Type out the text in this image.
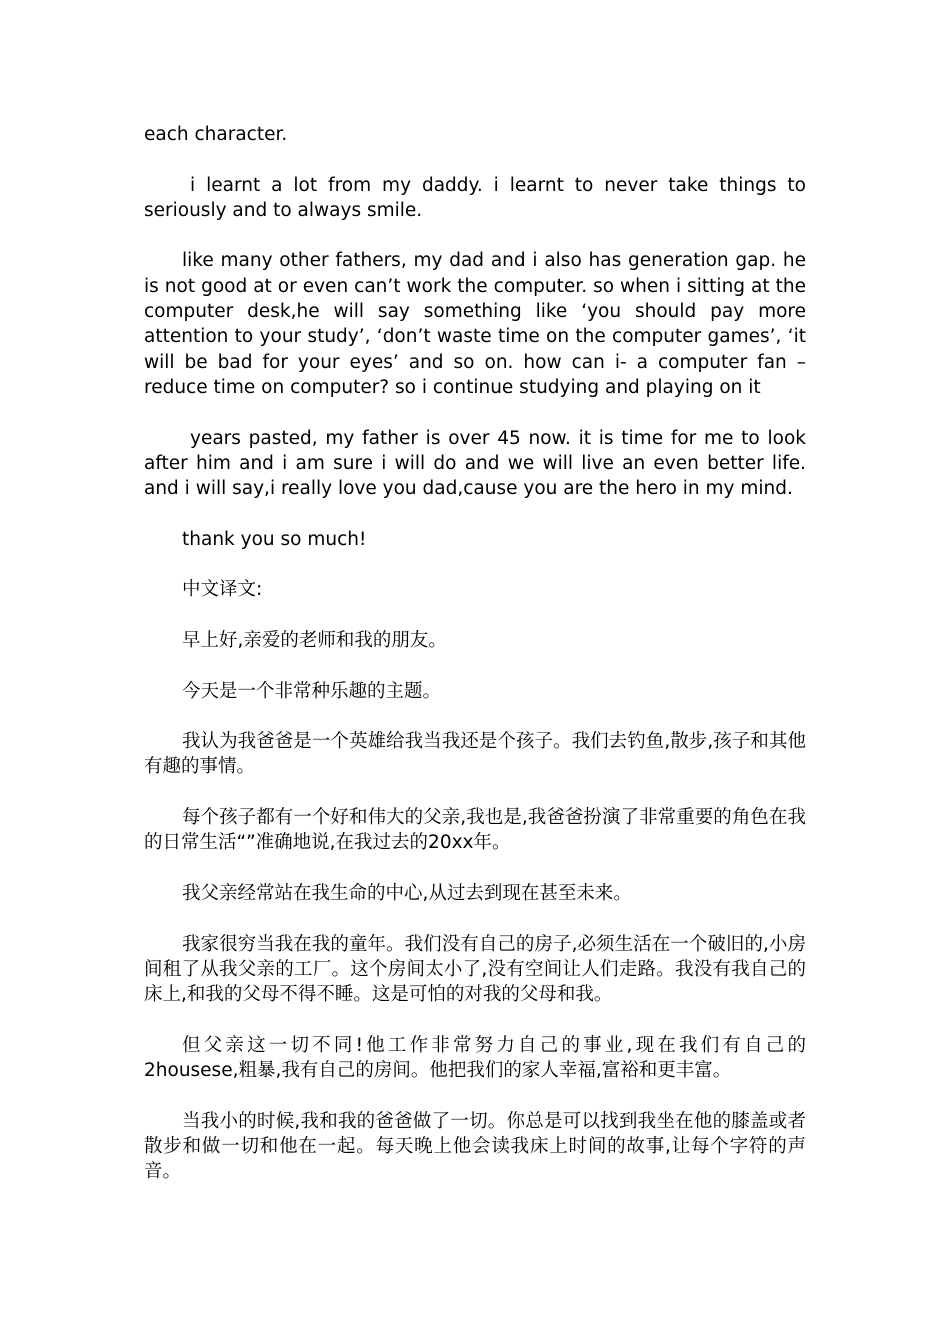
each character.

i learnt a lot from my daddy. i learnt to never take things to seriously and to always smile.

like many other fathers, my dad and i also has generation gap. he is not good at or even can’t work the computer. so when i sitting at the computer desk,he will say something like ‘you should pay more attention to your study’, ‘don’t waste time on the computer games’, ‘it will be bad for your eyes’ and so on. how can i- a computer fan – reduce time on computer? so i continue studying and playing on it

years pasted, my father is over 45 now. it is time for me to look after him and i am sure i will do and we will live an even better life. and i will say,i really love you dad,cause you are the hero in my mind.

thank you so much!

中文译文:

早上好,亲爱的老师和我的朋友。

今天是一个非常种乐趣的主题。

我认为我爸爸是一个英雄给我当我还是个孩子。我们去钓鱼,散步,孩子和其他有趣的事情。

每个孩子都有一个好和伟大的父亲,我也是,我爸爸扮演了非常重要的角色在我的日常生活“”准确地说,在我过去的20xx年。

我父亲经常站在我生命的中心,从过去到现在甚至未来。

我家很穷当我在我的童年。我们没有自己的房子,必须生活在一个破旧的,小房间租了从我父亲的工厂。这个房间太小了,没有空间让人们走路。我没有我自己的床上,和我的父母不得不睡。这是可怕的对我的父母和我。

但父亲这一切不同!他工作非常努力自己的事业,现在我们有自己的2housese,粗暴,我有自己的房间。他把我们的家人幸福,富裕和更丰富。

当我小的时候,我和我的爸爸做了一切。你总是可以找到我坐在他的膝盖或者散步和做一切和他在一起。每天晚上他会读我床上时间的故事,让每个字符的声音。
